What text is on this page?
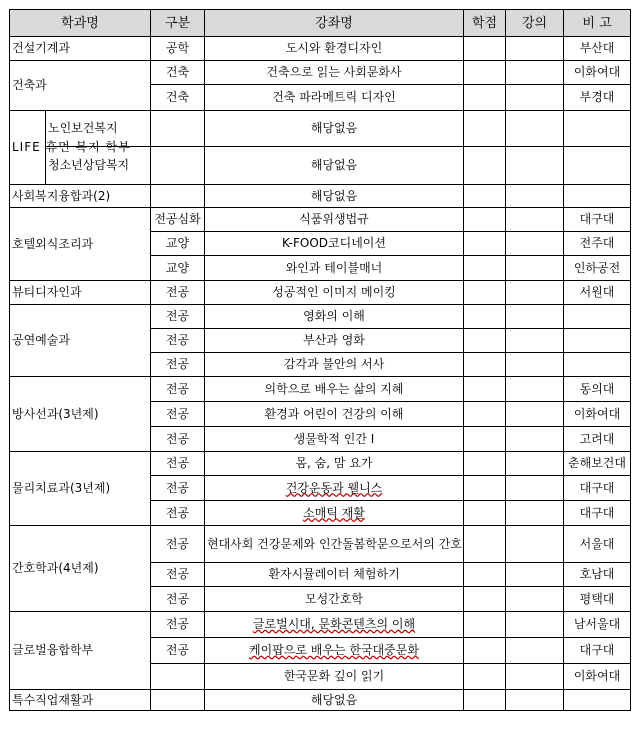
학과명		구분	강좌명	학점	강의	비 고
건설기계과		공학	도시와 환경디자인			부산대
건축과		건축	건축으로 읽는 사회문화사			이화여대
		건축	건축 파라메트릭 디자인			부경대
LIFE 휴먼 복지 학부	노인보건복지		해당없음			
	청소년상담복지		해당없음			
사회복지융합과(2)			해당없음			
호텔외식조리과		전공심화	식품위생법규			대구대
		교양	K-FOOD코디네이션			전주대
		교양	와인과 테이블매너			인하공전
뷰티디자인과		전공	성공적인 이미지 메이킹			서원대
공연예술과		전공	영화의 이해			
		전공	부산과 영화			
		전공	감각과 불안의 서사			
방사선과(3년제)		전공	의학으로 배우는 삶의 지혜			동의대
		전공	환경과 어린이 건강의 이해			이화여대
		전공	생물학적 인간 I			고려대
물리치료과(3년제)		전공	몸, 숨, 맘 요가			춘해보건대
		전공	건강운동과 웰니스			대구대
		전공	소매틱 재활			대구대
간호학과(4년제)		전공	현대사회 건강문제와 인간돌봄학문으로서의 간호			서울대
		전공	환자시뮬레이터 체험하기			호남대
		전공	모성간호학			평택대
글로벌융합학부		전공	글로벌시대, 문화콘텐츠의 이해			남서울대
		전공	케이팝으로 배우는 한국대중문화			대구대
			한국문화 깊이 읽기			이화여대
특수직업재활과			해당없음			
